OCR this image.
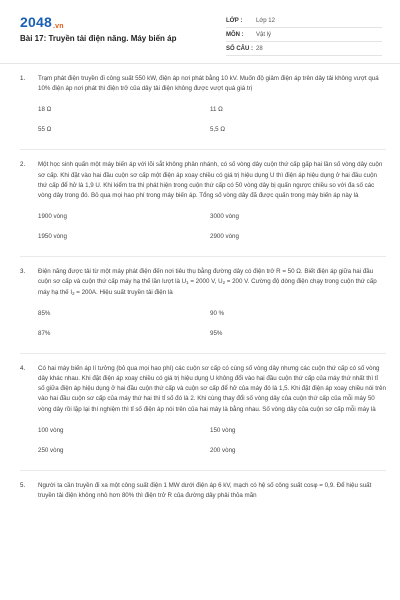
2048.vn
Bài 17: Truyền tải điện năng. Máy biến áp
LỚP :	Lớp 12
MÔN :	Vật lý
SỐ CÂU : 28
1.	Trạm phát điện truyền đi công suất 550 kW, điện áp nơi phát bằng 10 kV. Muốn độ giảm điện áp trên dây tải không vượt quá 10% điện áp nơi phát thì điện trở của dây tải điện không được vượt quá giá trị
18 Ω	11 Ω
55 Ω	5,5 Ω
2.	Một học sinh quấn một máy biến áp với lõi sắt không phân nhánh, có số vòng dây cuộn thứ cấp gấp hai lần số vòng dây cuộn sơ cấp. Khi đặt vào hai đầu cuộn sơ cấp một điện áp xoay chiều có giá trị hiệu dụng U thì điện áp hiệu dụng ở hai đầu cuộn thứ cấp để hở là 1,9 U. Khi kiểm tra thì phát hiện trong cuộn thứ cấp có 50 vòng dây bị quấn ngược chiều so với đa số các vòng dây trong đó. Bỏ qua mọi hao phí trong máy biến áp. Tổng số vòng dây đã được quấn trong máy biến áp này là
1900 vòng	3000 vòng
1950 vòng	2900 vòng
3.	Điện năng được tải từ một máy phát điện đến nơi tiêu thụ bằng đường dây có điện trở R = 50 Ω. Biết điện áp giữa hai đầu cuộn sơ cấp và cuộn thứ cấp máy hạ thế lần lượt là $U_1 = 2000$ V, $U_2 = 200$ V. Cường độ dòng điện chạy trong cuộn thứ cấp máy hạ thế $I_2 = 200A$. Hiệu suất truyền tải điện là
85%	90 %
87%	95%
4.	Có hai máy biến áp lí tưởng (bỏ qua mọi hao phí) các cuộn sơ cấp có cùng số vòng dây nhưng các cuộn thứ cấp có số vòng dây khác nhau. Khi đặt điện áp xoay chiều có giá trị hiệu dụng U không đổi vào hai đầu cuộn thứ cấp của máy thứ nhất thì tỉ số giữa điện áp hiệu dụng ở hai đầu cuộn thứ cấp và cuộn sơ cấp để hở của máy đó là 1,5. Khi đặt điện áp xoay chiều nói trên vào hai đầu cuộn sơ cấp của máy thứ hai thì tỉ số đó là 2. Khi cùng thay đổi số vòng dây của cuộn thứ cấp của mỗi máy 50 vòng dây rồi lặp lại thí nghiệm thì tỉ số điện áp nói trên của hai máy là bằng nhau. Số vòng dây của cuộn sơ cấp mỗi máy là
100 vòng	150 vòng
250 vòng	200 vòng
5.	Người ta cần truyền đi xa một công suất điện 1 MW dưới điện áp 6 kV, mạch có hệ số công suất cosφ = 0,9. Để hiệu suất truyền tải điện không nhỏ hơn 80% thì điện trở R của đường dây phải thỏa mãn
